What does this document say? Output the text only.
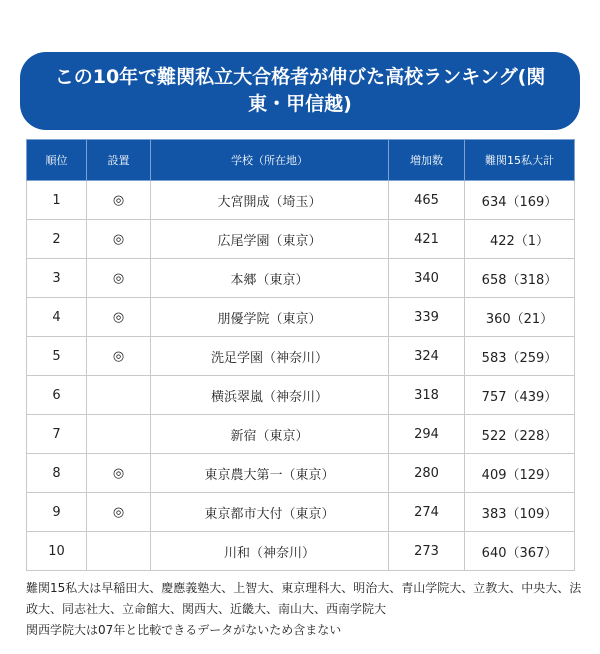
この10年で難関私立大合格者が伸びた高校ランキング(関東・甲信越)
順位	設置	学校（所在地）	増加数	難関15私大計
1	◎	大宮開成（埼玉）	465	634（169）
2	◎	広尾学園（東京）	421	422（1）
3	◎	本郷（東京）	340	658（318）
4	◎	朋優学院（東京）	339	360（21）
5	◎	洗足学園（神奈川）	324	583（259）
6		横浜翠嵐（神奈川）	318	757（439）
7		新宿（東京）	294	522（228）
8	◎	東京農大第一（東京）	280	409（129）
9	◎	東京都市大付（東京）	274	383（109）
10		川和（神奈川）	273	640（367）
難関15私大は早稲田大、慶應義塾大、上智大、東京理科大、明治大、青山学院大、立教大、中央大、法政大、同志社大、立命館大、関西大、近畿大、南山大、西南学院大
関西学院大は07年と比較できるデータがないため含まない
